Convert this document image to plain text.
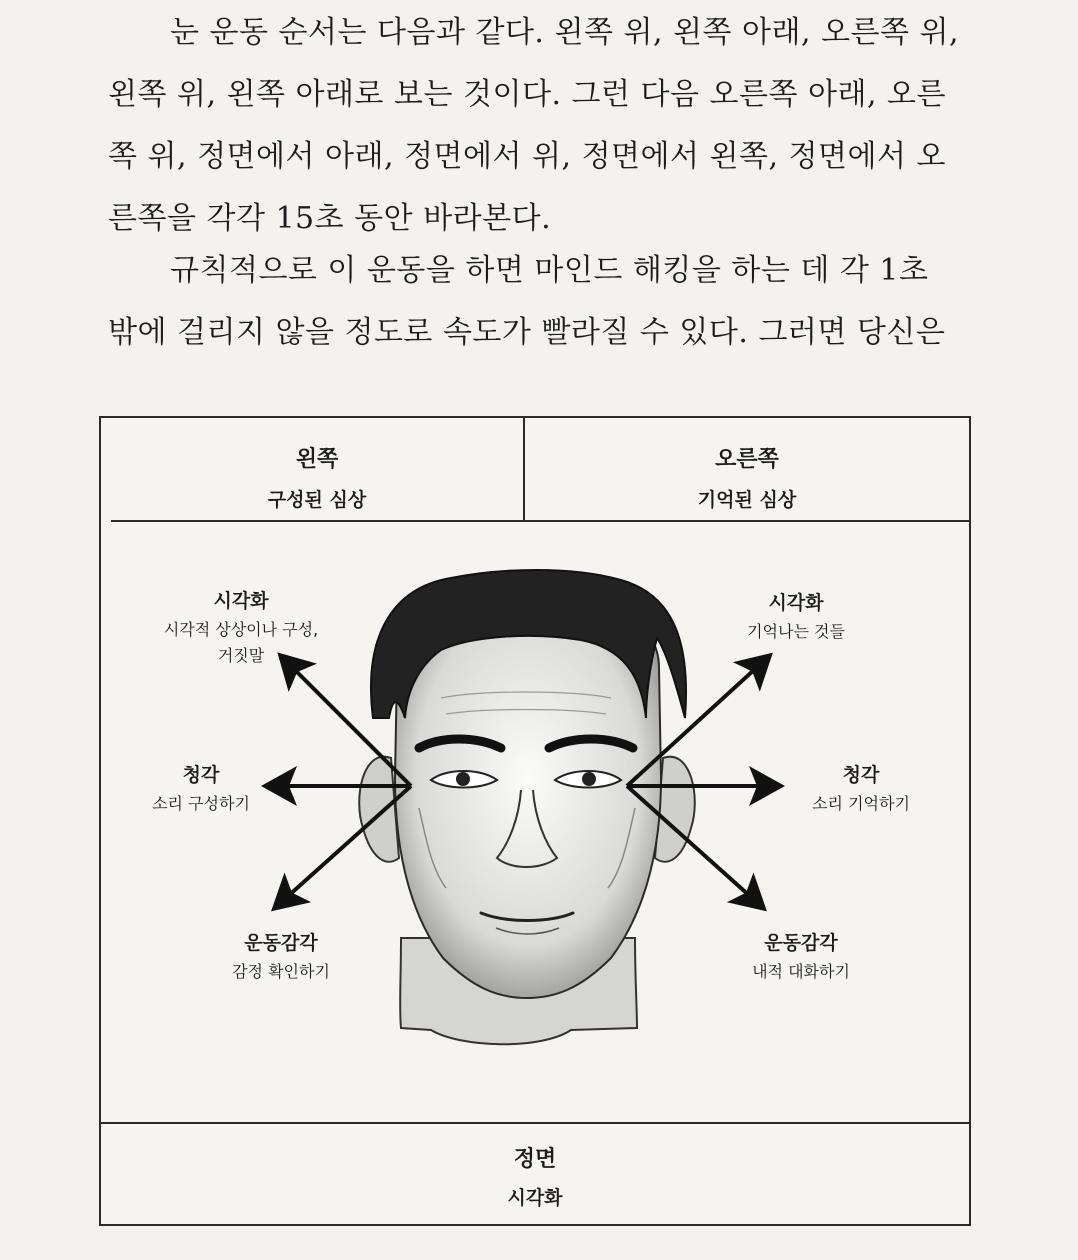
눈 운동 순서는 다음과 같다. 왼쪽 위, 왼쪽 아래, 오른쪽 위,
왼쪽 위, 왼쪽 아래로 보는 것이다. 그런 다음 오른쪽 아래, 오른
쪽 위, 정면에서 아래, 정면에서 위, 정면에서 왼쪽, 정면에서 오
른쪽을 각각 15초 동안 바라본다.

규칙적으로 이 운동을 하면 마인드 해킹을 하는 데 각 1초
밖에 걸리지 않을 정도로 속도가 빨라질 수 있다. 그러면 당신은

왼쪽
구성된 심상
오른쪽
기억된 심상
시각화
시각적 상상이나 구성,
거짓말
청각
소리 구성하기
운동감각
감정 확인하기
시각화
기억나는 것들
청각
소리 기억하기
운동감각
내적 대화하기
정면
시각화
